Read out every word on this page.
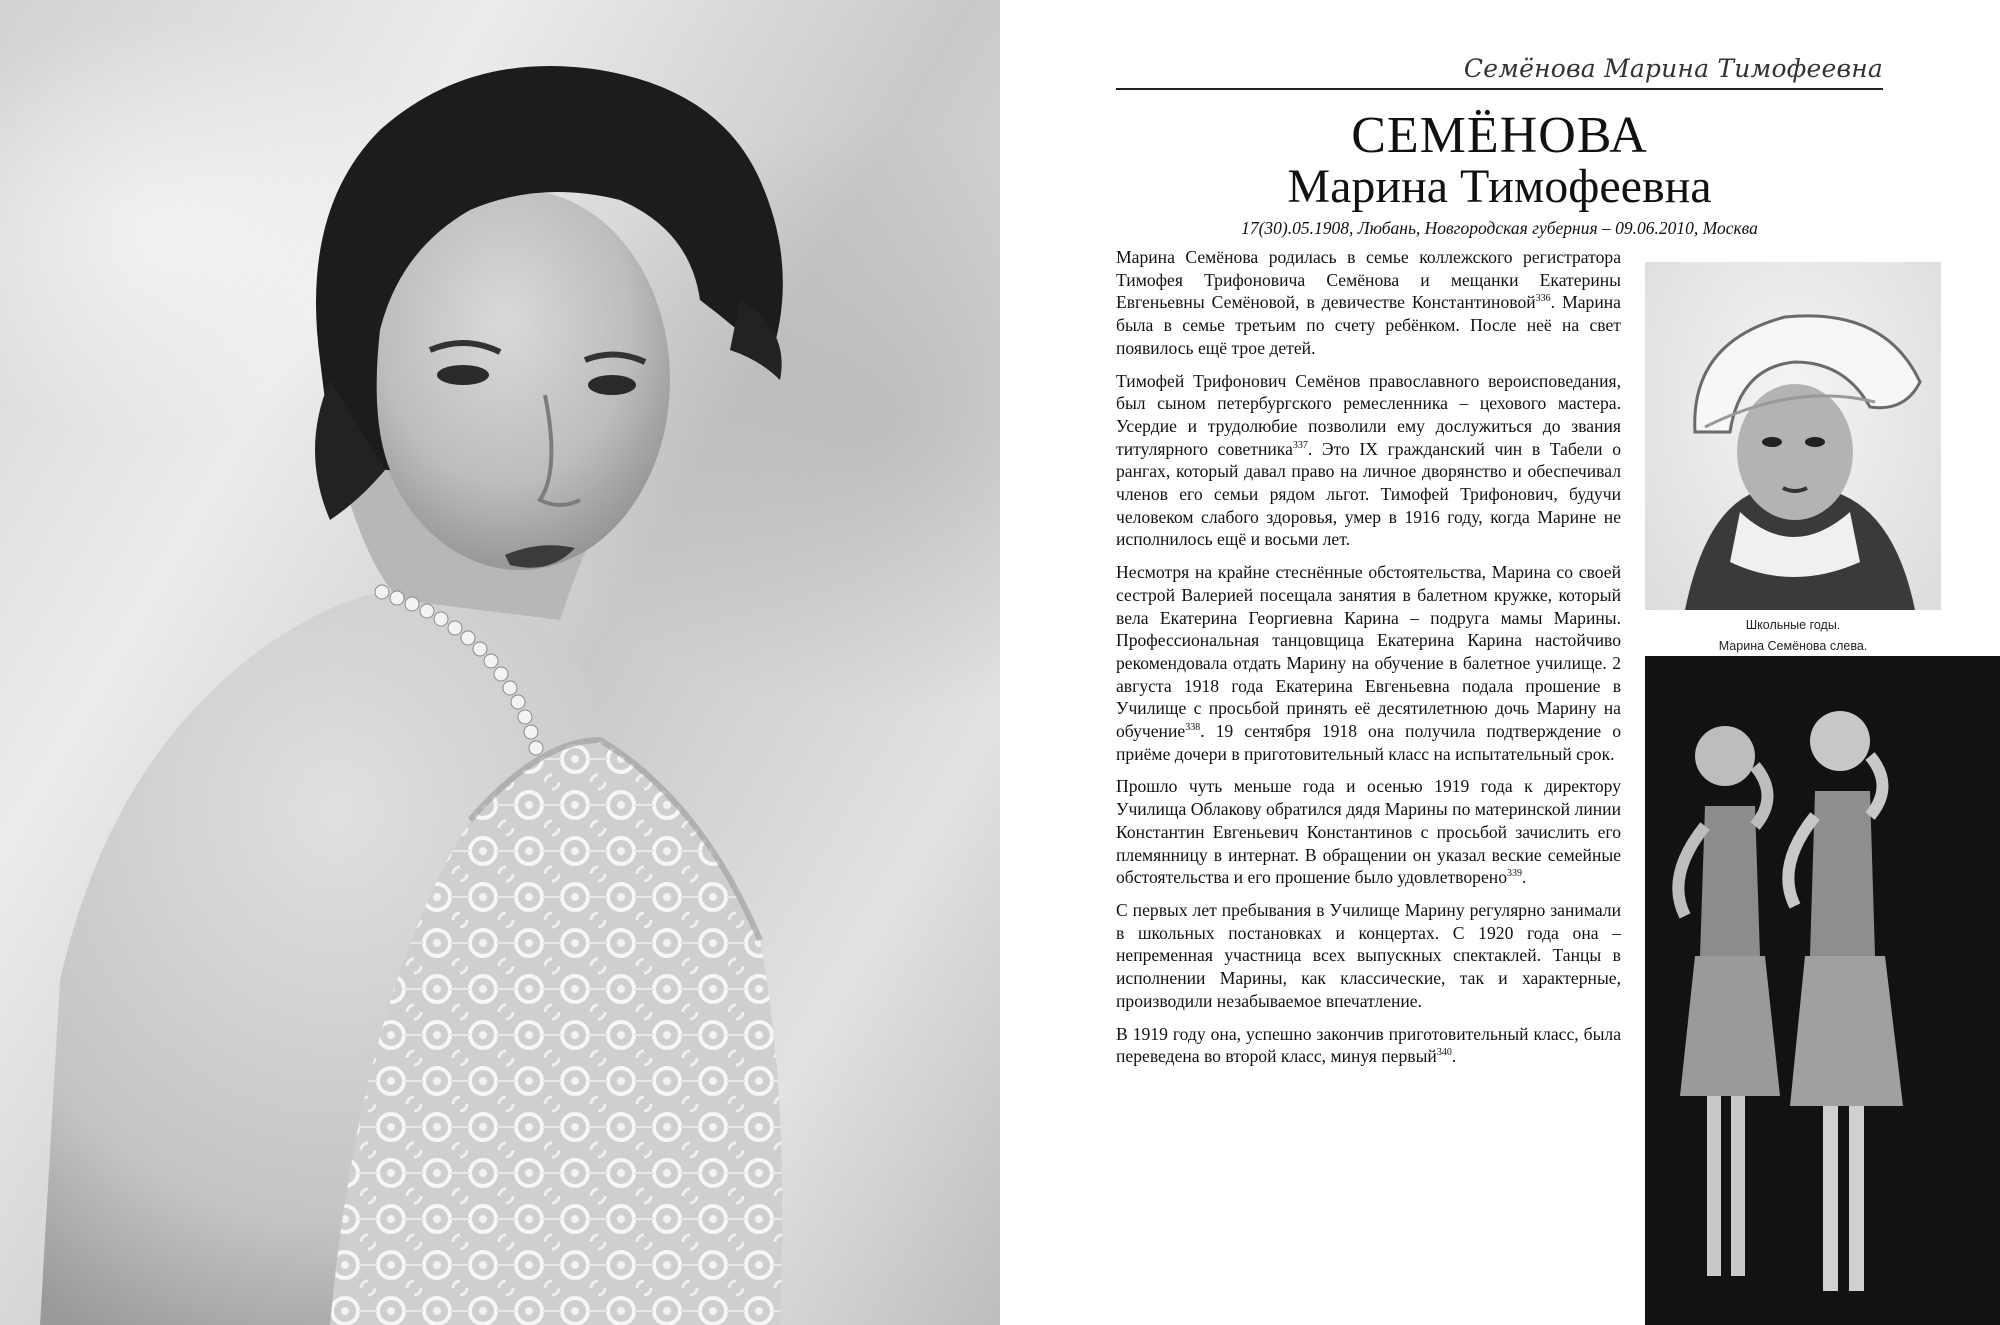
Семёнова Марина Тимофеевна
СЕМЁНОВА
Марина Тимофеевна
17(30).05.1908, Любань, Новгородская губерния – 09.06.2010, Москва

Марина Семёнова родилась в семье коллежского регистратора Тимофея Трифоновича Семёнова и мещанки Екатерины Евгеньевны Семёновой, в девичестве Константиновой$^{336}$. Марина была в семье третьим по счету ребёнком. После неё на свет появилось ещё трое детей.

Тимофей Трифонович Семёнов православного вероисповедания, был сыном петербургского ремесленника – цехового мастера. Усердие и трудолюбие позволили ему дослужиться до звания титулярного советника$^{337}$. Это IX гражданский чин в Табели о рангах, который давал право на личное дворянство и обеспечивал членов его семьи рядом льгот. Тимофей Трифонович, будучи человеком слабого здоровья, умер в 1916 году, когда Марине не исполнилось ещё и восьми лет.

Несмотря на крайне стеснённые обстоятельства, Марина со своей сестрой Валерией посещала занятия в балетном кружке, который вела Екатерина Георгиевна Карина – подруга мамы Марины. Профессиональная танцовщица Екатерина Карина настойчиво рекомендовала отдать Марину на обучение в балетное училище. 2 августа 1918 года Екатерина Евгеньевна подала прошение в Училище с просьбой принять её десятилетнюю дочь Марину на обучение$^{338}$. 19 сентября 1918 она получила подтверждение о приёме дочери в приготовительный класс на испытательный срок.

Прошло чуть меньше года и осенью 1919 года к директору Училища Облакову обратился дядя Марины по материнской линии Константин Евгеньевич Константинов с просьбой зачислить его племянницу в интернат. В обращении он указал веские семейные обстоятельства и его прошение было удовлетворено$^{339}$.

С первых лет пребывания в Училище Марину регулярно занимали в школьных постановках и концертах. С 1920 года она – непременная участница всех выпускных спектаклей. Танцы в исполнении Марины, как классические, так и характерные, производили незабываемое впечатление.

В 1919 году она, успешно закончив приготовительный класс, была переведена во второй класс, минуя первый$^{340}$.

Школьные годы.
Марина Семёнова слева.
